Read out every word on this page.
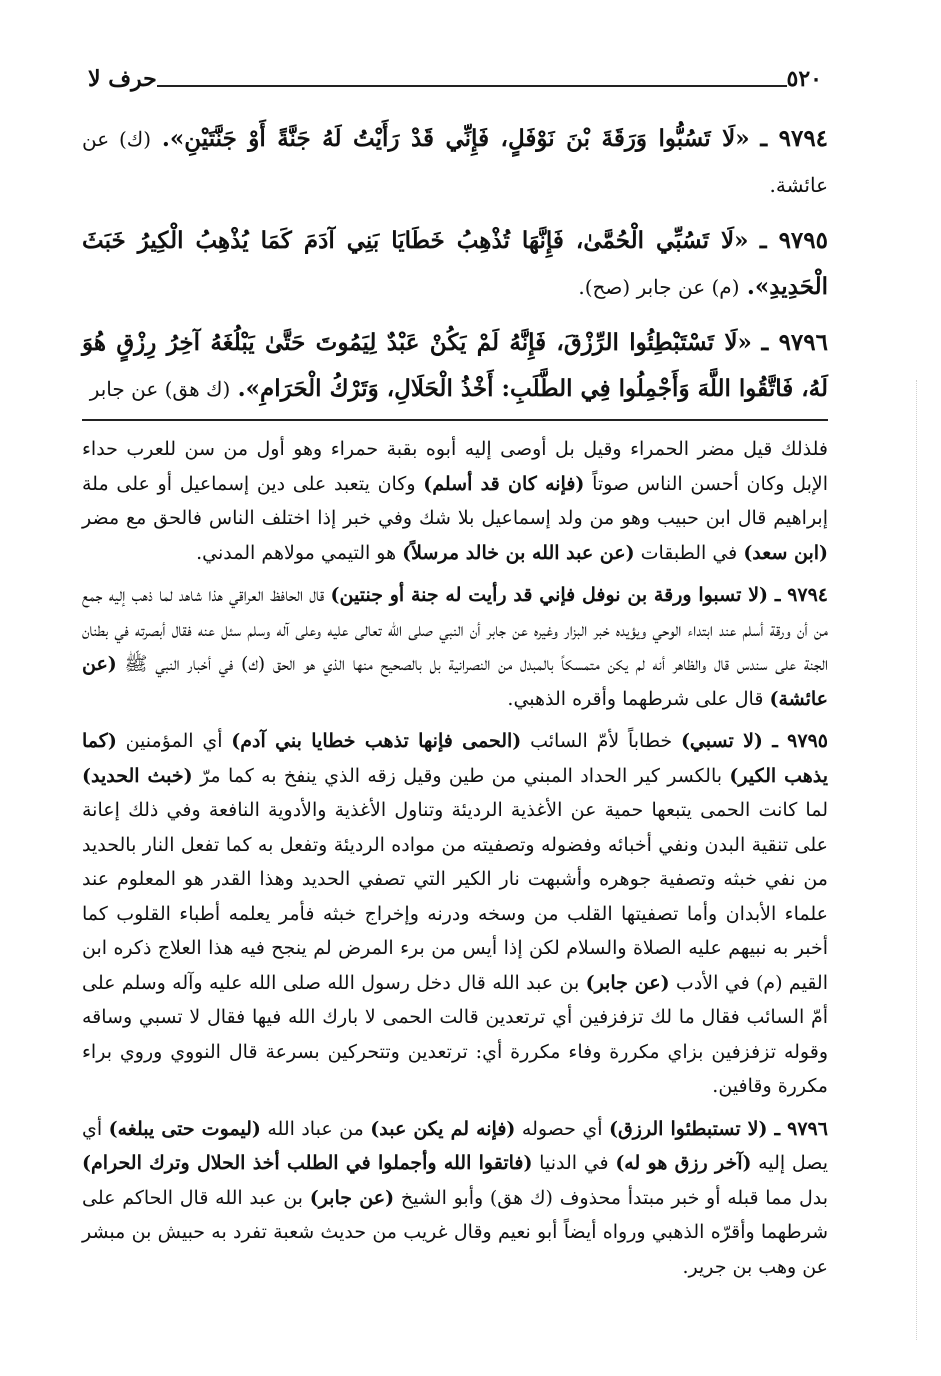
٥٢٠
حرف لا

٩٧٩٤ ـ «لَا تَسُبُّوا وَرَقَةَ بْنَ نَوْفَلٍ، فَإِنِّي قَدْ رَأَيْتُ لَهُ جَنَّةً أَوْ جَنَّتَيْنِ». (ك) عن عائشة.

٩٧٩٥ ـ «لَا تَسُبِّي الْحُمَّىٰ، فَإِنَّهَا تُذْهِبُ خَطَايَا بَنِي آدَمَ كَمَا يُذْهِبُ الْكِيرُ خَبَثَ الْحَدِيدِ». (م) عن جابر (صح).

٩٧٩٦ ـ «لَا تَسْتَبْطِئُوا الرِّزْقَ، فَإِنَّهُ لَمْ يَكُنْ عَبْدٌ لِيَمُوتَ حَتَّىٰ يَبْلُغَهُ آخِرُ رِزْقٍ هُوَ لَهُ، فَاتَّقُوا اللَّهَ وَأَجْمِلُوا فِي الطَّلَبِ: أَخْذُ الْحَلَالِ، وَتَرْكُ الْحَرَامِ». (ك هق) عن جابر

فلذلك قيل مضر الحمراء وقيل بل أوصى إليه أبوه بقبة حمراء وهو أول من سن للعرب حداء الإبل وكان أحسن الناس صوتاً (فإنه كان قد أسلم) وكان يتعبد على دين إسماعيل أو على ملة إبراهيم قال ابن حبيب وهو من ولد إسماعيل بلا شك وفي خبر إذا اختلف الناس فالحق مع مضر (ابن سعد) في الطبقات (عن عبد الله بن خالد مرسلاً) هو التيمي مولاهم المدني.

٩٧٩٤ ـ (لا تسبوا ورقة بن نوفل فإني قد رأيت له جنة أو جنتين) قال الحافظ العراقي هذا شاهد لما ذهب إليه جمع من أن ورقة أسلم عند ابتداء الوحي ويؤيده خبر البزار وغيره عن جابر أن النبي صلى الله تعالى عليه وعلى آله وسلم سئل عنه فقال أبصرته في بطنان الجنة على سندس قال والظاهر أنه لم يكن متمسكاً بالمبدل من النصرانية بل بالصحيح منها الذي هو الحق (ك) في أخبار النبي ﷺ (عن عائشة) قال على شرطهما وأقره الذهبي.

٩٧٩٥ ـ (لا تسبي) خطاباً لأمّ السائب (الحمى فإنها تذهب خطايا بني آدم) أي المؤمنين (كما يذهب الكير) بالكسر كير الحداد المبني من طين وقيل زقه الذي ينفخ به كما مرّ (خبث الحديد) لما كانت الحمى يتبعها حمية عن الأغذية الرديئة وتناول الأغذية والأدوية النافعة وفي ذلك إعانة على تنقية البدن ونفي أخبائه وفضوله وتصفيته من مواده الرديئة وتفعل به كما تفعل النار بالحديد من نفي خبثه وتصفية جوهره وأشبهت نار الكير التي تصفي الحديد وهذا القدر هو المعلوم عند علماء الأبدان وأما تصفيتها القلب من وسخه ودرنه وإخراج خبثه فأمر يعلمه أطباء القلوب كما أخبر به نبيهم عليه الصلاة والسلام لكن إذا أيس من برء المرض لم ينجح فيه هذا العلاج ذكره ابن القيم (م) في الأدب (عن جابر) بن عبد الله قال دخل رسول الله صلى الله عليه وآله وسلم على أمّ السائب فقال ما لك تزفزفين أي ترتعدين قالت الحمى لا بارك الله فيها فقال لا تسبي وساقه وقوله تزفزفين بزاي مكررة وفاء مكررة أي: ترتعدين وتتحركين بسرعة قال النووي وروي براء مكررة وقافين.

٩٧٩٦ ـ (لا تستبطئوا الرزق) أي حصوله (فإنه لم يكن عبد) من عباد الله (ليموت حتى يبلغه) أي يصل إليه (آخر رزق هو له) في الدنيا (فاتقوا الله وأجملوا في الطلب أخذ الحلال وترك الحرام) بدل مما قبله أو خبر مبتدأ محذوف (ك هق) وأبو الشيخ (عن جابر) بن عبد الله قال الحاكم على شرطهما وأقرّه الذهبي ورواه أيضاً أبو نعيم وقال غريب من حديث شعبة تفرد به حبيش بن مبشر عن وهب بن جرير.
